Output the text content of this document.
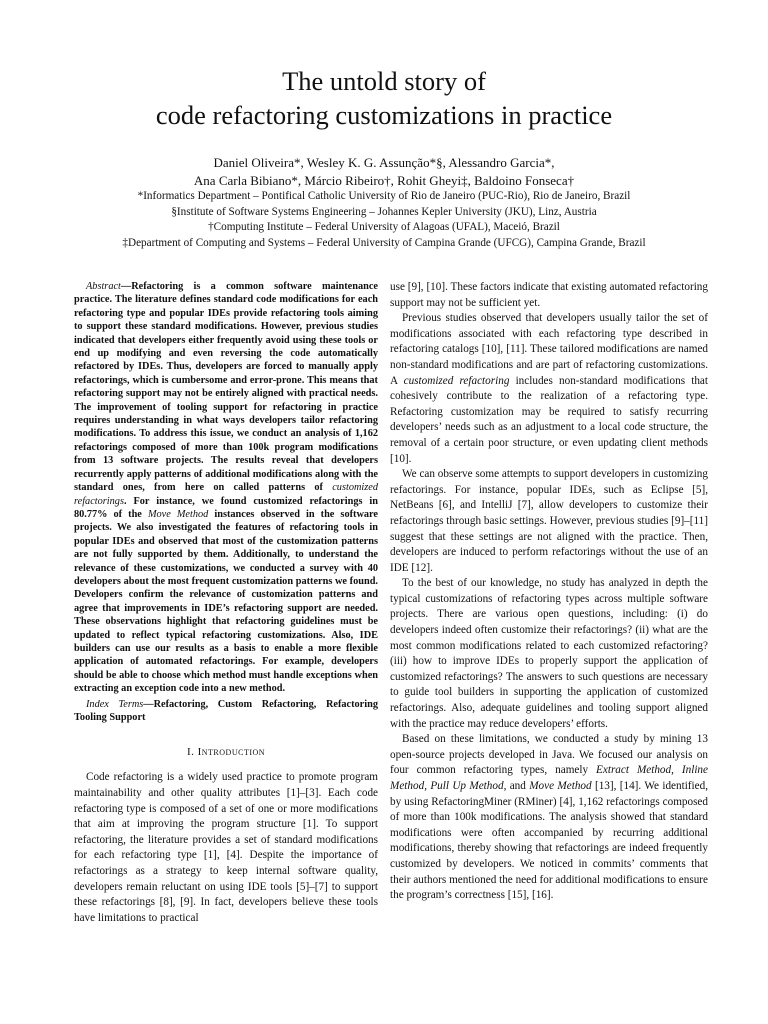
The untold story of
code refactoring customizations in practice
Daniel Oliveira*, Wesley K. G. Assunção*§, Alessandro Garcia*,
Ana Carla Bibiano*, Márcio Ribeiro†, Rohit Gheyi‡, Baldoino Fonseca†
*Informatics Department – Pontifical Catholic University of Rio de Janeiro (PUC-Rio), Rio de Janeiro, Brazil
§Institute of Software Systems Engineering – Johannes Kepler University (JKU), Linz, Austria
†Computing Institute – Federal University of Alagoas (UFAL), Maceió, Brazil
‡Department of Computing and Systems – Federal University of Campina Grande (UFCG), Campina Grande, Brazil

Abstract—Refactoring is a common software maintenance practice. The literature defines standard code modifications for each refactoring type and popular IDEs provide refactoring tools aiming to support these standard modifications. However, previous studies indicated that developers either frequently avoid using these tools or end up modifying and even reversing the code automatically refactored by IDEs. Thus, developers are forced to manually apply refactorings, which is cumbersome and error-prone. This means that refactoring support may not be entirely aligned with practical needs. The improvement of tooling support for refactoring in practice requires understanding in what ways developers tailor refactoring modifications. To address this issue, we conduct an analysis of 1,162 refactorings composed of more than 100k program modifications from 13 software projects. The results reveal that developers recurrently apply patterns of additional modifications along with the standard ones, from here on called patterns of customized refactorings. For instance, we found customized refactorings in 80.77% of the Move Method instances observed in the software projects. We also investigated the features of refactoring tools in popular IDEs and observed that most of the customization patterns are not fully supported by them. Additionally, to understand the relevance of these customizations, we conducted a survey with 40 developers about the most frequent customization patterns we found. Developers confirm the relevance of customization patterns and agree that improvements in IDE’s refactoring support are needed. These observations highlight that refactoring guidelines must be updated to reflect typical refactoring customizations. Also, IDE builders can use our results as a basis to enable a more flexible application of automated refactorings. For example, developers should be able to choose which method must handle exceptions when extracting an exception code into a new method.

Index Terms—Refactoring, Custom Refactoring, Refactoring Tooling Support
I. Introduction

Code refactoring is a widely used practice to promote program maintainability and other quality attributes [1]–[3]. Each code refactoring type is composed of a set of one or more modifications that aim at improving the program structure [1]. To support refactoring, the literature provides a set of standard modifications for each refactoring type [1], [4]. Despite the importance of refactorings as a strategy to keep internal software quality, developers remain reluctant on using IDE tools [5]–[7] to support these refactorings [8], [9]. In fact, developers believe these tools have limitations to practical

use [9], [10]. These factors indicate that existing automated refactoring support may not be sufficient yet.

Previous studies observed that developers usually tailor the set of modifications associated with each refactoring type described in refactoring catalogs [10], [11]. These tailored modifications are named non-standard modifications and are part of refactoring customizations. A customized refactoring includes non-standard modifications that cohesively contribute to the realization of a refactoring type. Refactoring customization may be required to satisfy recurring developers’ needs such as an adjustment to a local code structure, the removal of a certain poor structure, or even updating client methods [10].

We can observe some attempts to support developers in customizing refactorings. For instance, popular IDEs, such as Eclipse [5], NetBeans [6], and IntelliJ [7], allow developers to customize their refactorings through basic settings. However, previous studies [9]–[11] suggest that these settings are not aligned with the practice. Then, developers are induced to perform refactorings without the use of an IDE [12].

To the best of our knowledge, no study has analyzed in depth the typical customizations of refactoring types across multiple software projects. There are various open questions, including: (i) do developers indeed often customize their refactorings? (ii) what are the most common modifications related to each customized refactoring? (iii) how to improve IDEs to properly support the application of customized refactorings? The answers to such questions are necessary to guide tool builders in supporting the application of customized refactorings. Also, adequate guidelines and tooling support aligned with the practice may reduce developers’ efforts.

Based on these limitations, we conducted a study by mining 13 open-source projects developed in Java. We focused our analysis on four common refactoring types, namely Extract Method, Inline Method, Pull Up Method, and Move Method [13], [14]. We identified, by using RefactoringMiner (RMiner) [4], 1,162 refactorings composed of more than 100k modifications. The analysis showed that standard modifications were often accompanied by recurring additional modifications, thereby showing that refactorings are indeed frequently customized by developers. We noticed in commits’ comments that their authors mentioned the need for additional modifications to ensure the program’s correctness [15], [16].
